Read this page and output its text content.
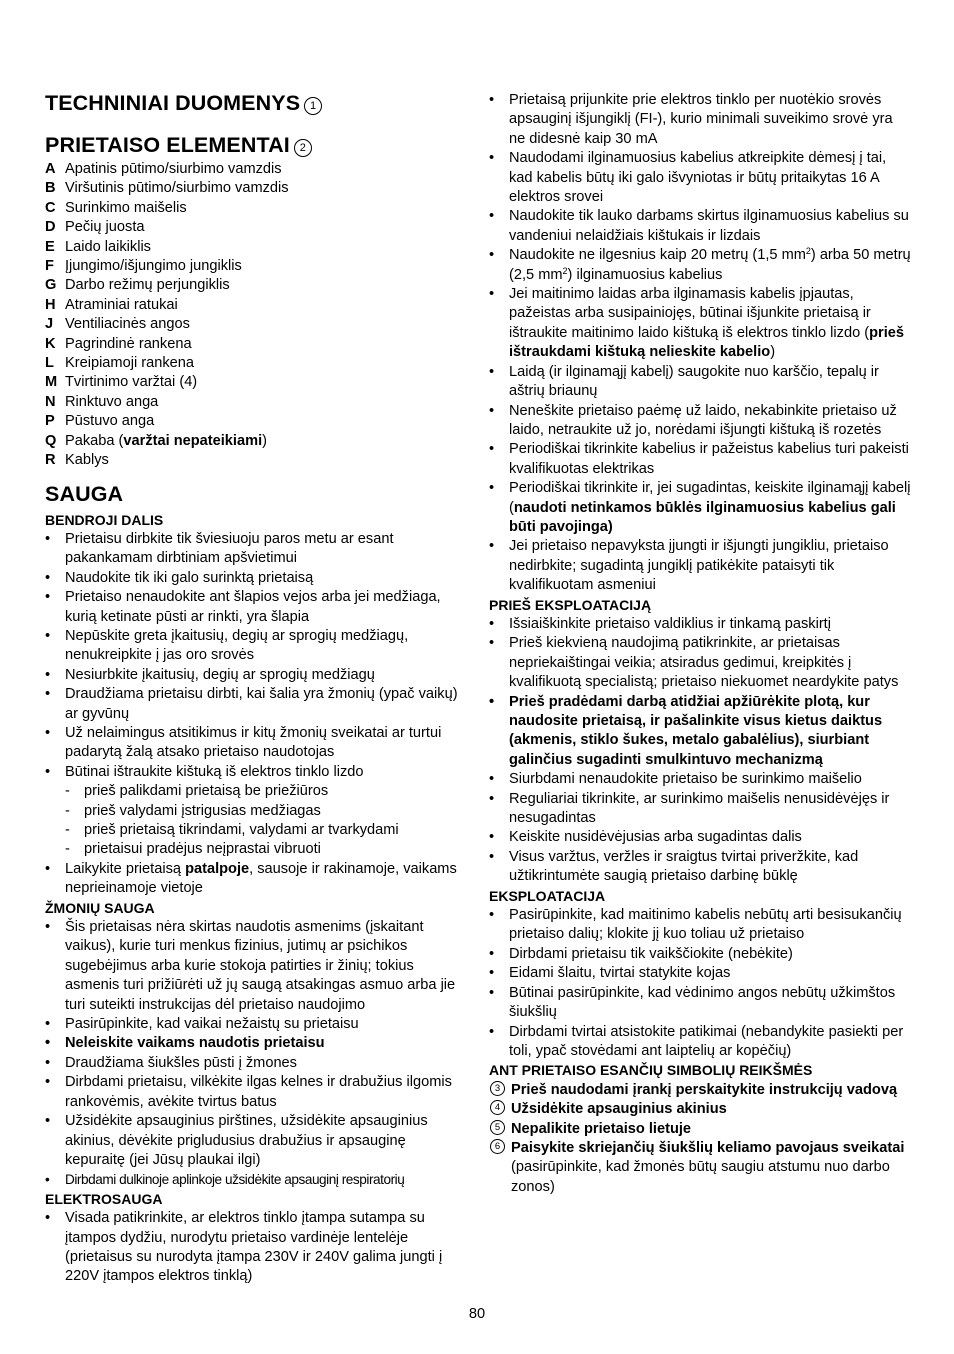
TECHNINIAI DUOMENYS 1
PRIETAISO ELEMENTAI 2
A Apatinis pūtimo/siurbimo vamzdis
B Viršutinis pūtimo/siurbimo vamzdis
C Surinkimo maišelis
D Pečių juosta
E Laido laikiklis
F Įjungimo/išjungimo jungiklis
G Darbo režimų perjungiklis
H Atraminiai ratukai
J Ventiliacinės angos
K Pagrindinė rankena
L Kreipiamoji rankena
M Tvirtinimo varžtai (4)
N Rinktuvo anga
P Pūstuvo anga
Q Pakaba (varžtai nepateikiami)
R Kablys
SAUGA
BENDROJI DALIS
• Prietaisu dirbkite tik šviesiuoju paros metu ar esant pakankamam dirbtiniam apšvietimui
• Naudokite tik iki galo surinktą prietaisą
• Prietaiso nenaudokite ant šlapios vejos arba jei medžiaga, kurią ketinate pūsti ar rinkti, yra šlapia
• Nepūskite greta įkaitusių, degių ar sprogių medžiagų, nenukreipkite į jas oro srovės
• Nesiurbkite įkaitusių, degių ar sprogių medžiagų
• Draudžiama prietaisu dirbti, kai šalia yra žmonių (ypač vaikų) ar gyvūnų
• Už nelaimingus atsitikimus ir kitų žmonių sveikatai ar turtui padarytą žalą atsako prietaiso naudotojas
• Būtinai ištraukite kištuką iš elektros tinklo lizdo
- prieš palikdami prietaisą be priežiūros
- prieš valydami įstrigusias medžiagas
- prieš prietaisą tikrindami, valydami ar tvarkydami
- prietaisui pradėjus neįprastai vibruoti
• Laikykite prietaisą patalpoje, sausoje ir rakinamoje, vaikams neprieinamoje vietoje
ŽMONIŲ SAUGA
• Šis prietaisas nėra skirtas naudotis asmenims (įskaitant vaikus), kurie turi menkus fizinius, jutimų ar psichikos sugebėjimus arba kurie stokoja patirties ir žinių; tokius asmenis turi prižiūrėti už jų saugą atsakingas asmuo arba jie turi suteikti instrukcijas dėl prietaiso naudojimo
• Pasirūpinkite, kad vaikai nežaistų su prietaisu
• Neleiskite vaikams naudotis prietaisu
• Draudžiama šiukšles pūsti į žmones
• Dirbdami prietaisu, vilkėkite ilgas kelnes ir drabužius ilgomis rankovėmis, avėkite tvirtus batus
• Užsidėkite apsauginius pirštines, užsidėkite apsauginius akinius, dėvėkite prigludusius drabužius ir apsauginę kepuraitę (jei Jūsų plaukai ilgi)
• Dirbdami dulkinoje aplinkoje užsidėkite apsauginį respiratorių
ELEKTROSAUGA
• Visada patikrinkite, ar elektros tinklo įtampa sutampa su įtampos dydžiu, nurodytu prietaiso vardinėje lentelėje (prietaisus su nurodyta įtampa 230V ir 240V galima jungti į 220V įtampos elektros tinklą)
• Prietaisą prijunkite prie elektros tinklo per nuotėkio srovės apsauginį išjungiklį (FI-), kurio minimali suveikimo srovė yra ne didesnė kaip 30 mA
• Naudodami ilginamuosius kabelius atkreipkite dėmesį į tai, kad kabelis būtų iki galo išvyniotas ir būtų pritaikytas 16 A elektros srovei
• Naudokite tik lauko darbams skirtus ilginamuosius kabelius su vandeniui nelaidžiais kištukais ir lizdais
• Naudokite ne ilgesnius kaip 20 metrų (1,5 $mm^2$) arba 50 metrų (2,5 $mm^2$) ilginamuosius kabelius
• Jei maitinimo laidas arba ilginamasis kabelis įpjautas, pažeistas arba susipainiojęs, būtinai išjunkite prietaisą ir ištraukite maitinimo laido kištuką iš elektros tinklo lizdo (prieš ištraukdami kištuką nelieskite kabelio)
• Laidą (ir ilginamąjį kabelį) saugokite nuo karščio, tepalų ir aštrių briaunų
• Neneškite prietaiso paėmę už laido, nekabinkite prietaiso už laido, netraukite už jo, norėdami išjungti kištuką iš rozetės
• Periodiškai tikrinkite kabelius ir pažeistus kabelius turi pakeisti kvalifikuotas elektrikas
• Periodiškai tikrinkite ir, jei sugadintas, keiskite ilginamąjį kabelį (naudoti netinkamos būklės ilginamuosius kabelius gali būti pavojinga)
• Jei prietaiso nepavyksta įjungti ir išjungti jungikliu, prietaiso nedirbkite; sugadintą jungiklį patikėkite pataisyti tik kvalifikuotam asmeniui
PRIEŠ EKSPLOATACIJĄ
• Išsiaiškinkite prietaiso valdiklius ir tinkamą paskirtį
• Prieš kiekvieną naudojimą patikrinkite, ar prietaisas nepriekaištingai veikia; atsiradus gedimui, kreipkitės į kvalifikuotą specialistą; prietaiso niekuomet neardykite patys
• Prieš pradėdami darbą atidžiai apžiūrėkite plotą, kur naudosite prietaisą, ir pašalinkite visus kietus daiktus (akmenis, stiklo šukes, metalo gabalėlius), siurbiant galinčius sugadinti smulkintuvo mechanizmą
• Siurbdami nenaudokite prietaiso be surinkimo maišelio
• Reguliariai tikrinkite, ar surinkimo maišelis nenusidėvėjęs ir nesugadintas
• Keiskite nusidėvėjusias arba sugadintas dalis
• Visus varžtus, veržles ir sraigtus tvirtai priveržkite, kad užtikrintumėte saugią prietaiso darbinę būklę
EKSPLOATACIJA
• Pasirūpinkite, kad maitinimo kabelis nebūtų arti besisukančių prietaiso dalių; klokite jį kuo toliau už prietaiso
• Dirbdami prietaisu tik vaikščiokite (nebėkite)
• Eidami šlaitu, tvirtai statykite kojas
• Būtinai pasirūpinkite, kad vėdinimo angos nebūtų užkimštos šiukšlių
• Dirbdami tvirtai atsistokite patikimai (nebandykite pasiekti per toli, ypač stovėdami ant laiptelių ar kopėčių)
ANT PRIETAISO ESANČIŲ SIMBOLIŲ REIKŠMĖS
3 Prieš naudodami įrankį perskaitykite instrukcijų vadovą
4 Užsidėkite apsauginius akinius
5 Nepalikite prietaiso lietuje
6 Paisykite skriejančių šiukšlių keliamo pavojaus sveikatai (pasirūpinkite, kad žmonės būtų saugiu atstumu nuo darbo zonos)
80
